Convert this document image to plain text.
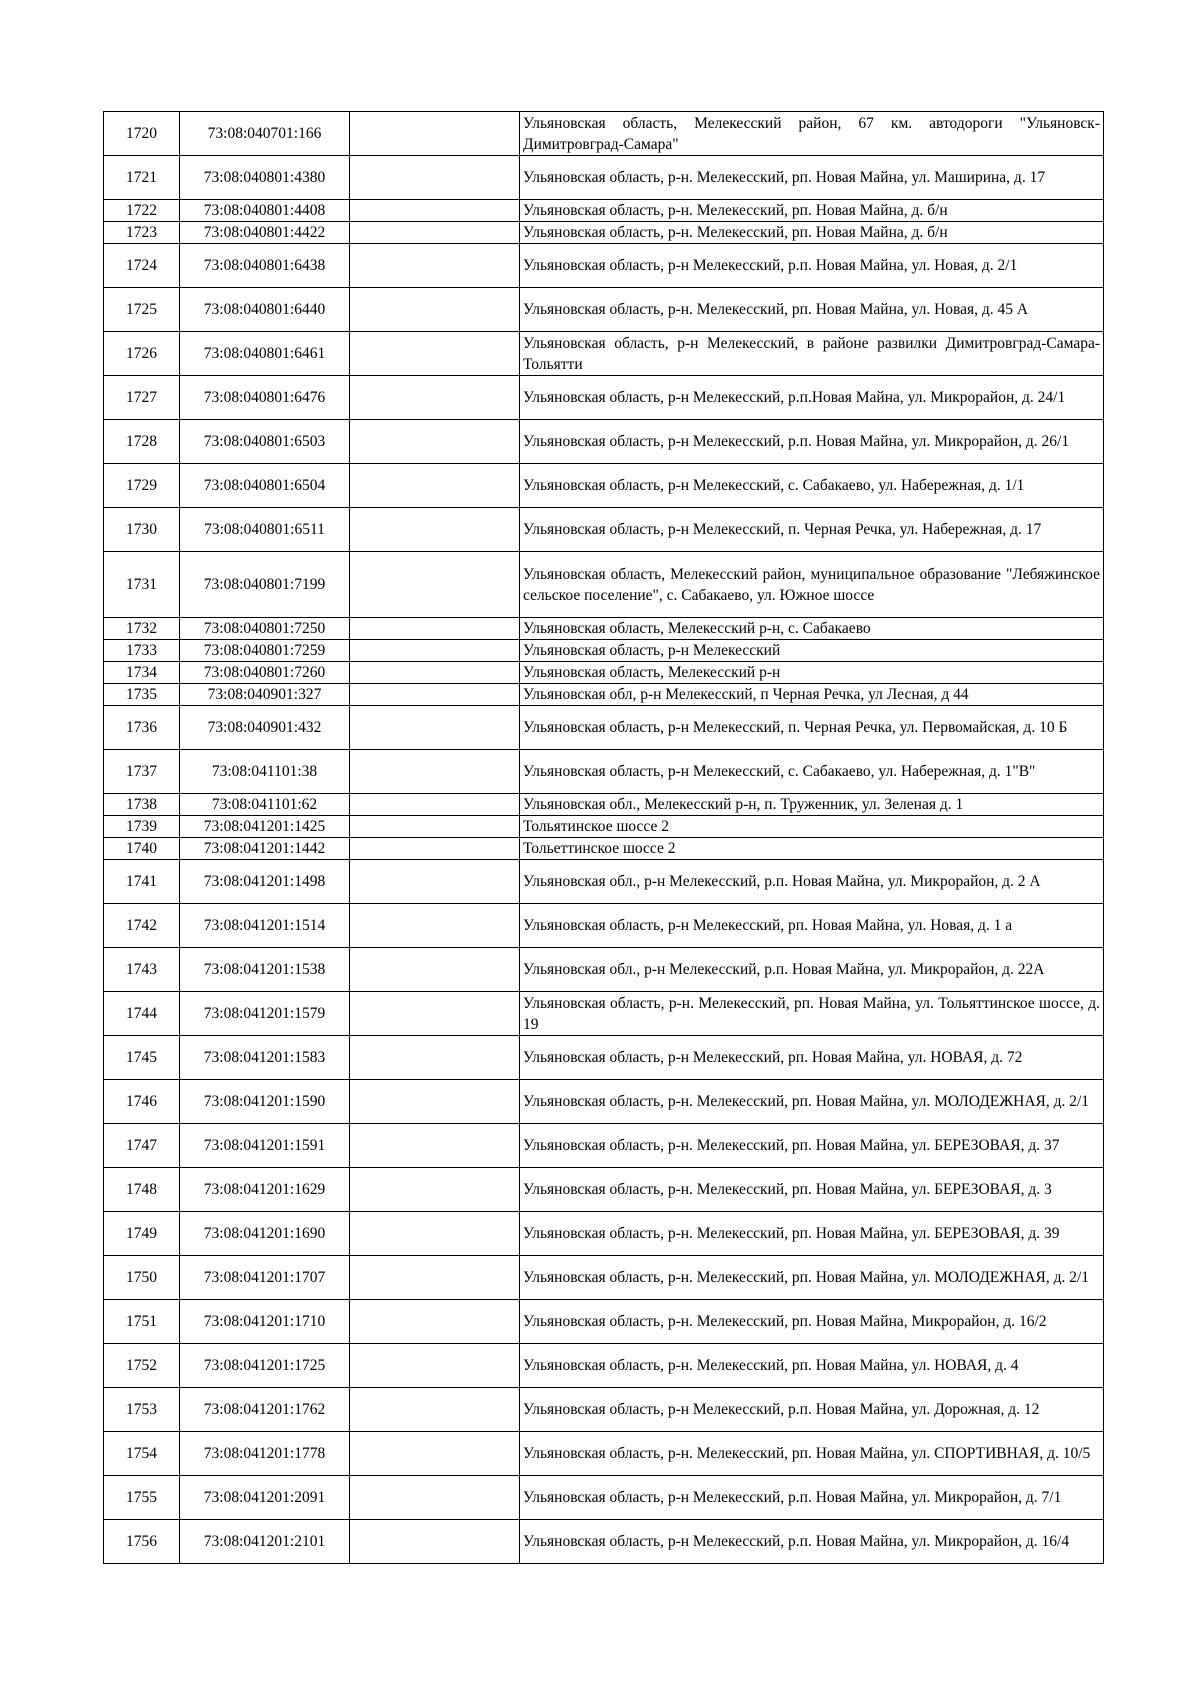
1720	73:08:040701:166		Ульяновская область, Мелекесский район, 67 км. автодороги "Ульяновск-Димитровград-Самара"
1721	73:08:040801:4380		Ульяновская область, р-н. Мелекесский, рп. Новая Майна, ул. Маширина, д. 17
1722	73:08:040801:4408		Ульяновская область, р-н. Мелекесский, рп. Новая Майна, д. б/н
1723	73:08:040801:4422		Ульяновская область, р-н. Мелекесский, рп. Новая Майна, д. б/н
1724	73:08:040801:6438		Ульяновская область, р-н Мелекесский, р.п. Новая Майна, ул. Новая, д. 2/1
1725	73:08:040801:6440		Ульяновская область, р-н. Мелекесский, рп. Новая Майна, ул. Новая, д. 45 А
1726	73:08:040801:6461		Ульяновская область, р-н Мелекесский, в районе развилки Димитровград-Самара-Тольятти
1727	73:08:040801:6476		Ульяновская область, р-н Мелекесский, р.п.Новая Майна, ул. Микрорайон, д. 24/1
1728	73:08:040801:6503		Ульяновская область, р-н Мелекесский, р.п. Новая Майна, ул. Микрорайон, д. 26/1
1729	73:08:040801:6504		Ульяновская область, р-н Мелекесский, с. Сабакаево, ул. Набережная, д. 1/1
1730	73:08:040801:6511		Ульяновская область, р-н Мелекесский, п. Черная Речка, ул. Набережная, д. 17
1731	73:08:040801:7199		Ульяновская область, Мелекесский район, муниципальное образование "Лебяжинское сельское поселение", с. Сабакаево, ул. Южное шоссе
1732	73:08:040801:7250		Ульяновская область, Мелекесский р-н, с. Сабакаево
1733	73:08:040801:7259		Ульяновская область, р-н Мелекесский
1734	73:08:040801:7260		Ульяновская область, Мелекесский р-н
1735	73:08:040901:327		Ульяновская обл, р-н Мелекесский, п Черная Речка, ул Лесная, д 44
1736	73:08:040901:432		Ульяновская область, р-н Мелекесский, п. Черная Речка, ул. Первомайская, д. 10 Б
1737	73:08:041101:38		Ульяновская область, р-н Мелекесский, с. Сабакаево, ул. Набережная, д. 1"В"
1738	73:08:041101:62		Ульяновская обл., Мелекесский р-н, п. Труженник, ул. Зеленая д. 1
1739	73:08:041201:1425		Тольятинское шоссе 2
1740	73:08:041201:1442		Тольеттинское шоссе 2
1741	73:08:041201:1498		Ульяновская обл., р-н Мелекесский, р.п. Новая Майна, ул. Микрорайон, д. 2 А
1742	73:08:041201:1514		Ульяновская область, р-н Мелекесский, рп. Новая Майна, ул. Новая, д. 1 а
1743	73:08:041201:1538		Ульяновская обл., р-н Мелекесский, р.п. Новая Майна, ул. Микрорайон, д. 22А
1744	73:08:041201:1579		Ульяновская область, р-н. Мелекесский, рп. Новая Майна, ул. Тольяттинское шоссе, д. 19
1745	73:08:041201:1583		Ульяновская область, р-н Мелекесский, рп. Новая Майна, ул. НОВАЯ, д. 72
1746	73:08:041201:1590		Ульяновская область, р-н. Мелекесский, рп. Новая Майна, ул. МОЛОДЕЖНАЯ, д. 2/1
1747	73:08:041201:1591		Ульяновская область, р-н. Мелекесский, рп. Новая Майна, ул. БЕРЕЗОВАЯ, д. 37
1748	73:08:041201:1629		Ульяновская область, р-н. Мелекесский, рп. Новая Майна, ул. БЕРЕЗОВАЯ, д. 3
1749	73:08:041201:1690		Ульяновская область, р-н. Мелекесский, рп. Новая Майна, ул. БЕРЕЗОВАЯ, д. 39
1750	73:08:041201:1707		Ульяновская область, р-н. Мелекесский, рп. Новая Майна, ул. МОЛОДЕЖНАЯ, д. 2/1
1751	73:08:041201:1710		Ульяновская область, р-н. Мелекесский, рп. Новая Майна, Микрорайон, д. 16/2
1752	73:08:041201:1725		Ульяновская область, р-н. Мелекесский, рп. Новая Майна, ул. НОВАЯ, д. 4
1753	73:08:041201:1762		Ульяновская область, р-н Мелекесский, р.п. Новая Майна, ул. Дорожная, д. 12
1754	73:08:041201:1778		Ульяновская область, р-н. Мелекесский, рп. Новая Майна, ул. СПОРТИВНАЯ, д. 10/5
1755	73:08:041201:2091		Ульяновская область, р-н Мелекесский, р.п. Новая Майна, ул. Микрорайон, д. 7/1
1756	73:08:041201:2101		Ульяновская область, р-н Мелекесский, р.п. Новая Майна, ул. Микрорайон, д. 16/4
